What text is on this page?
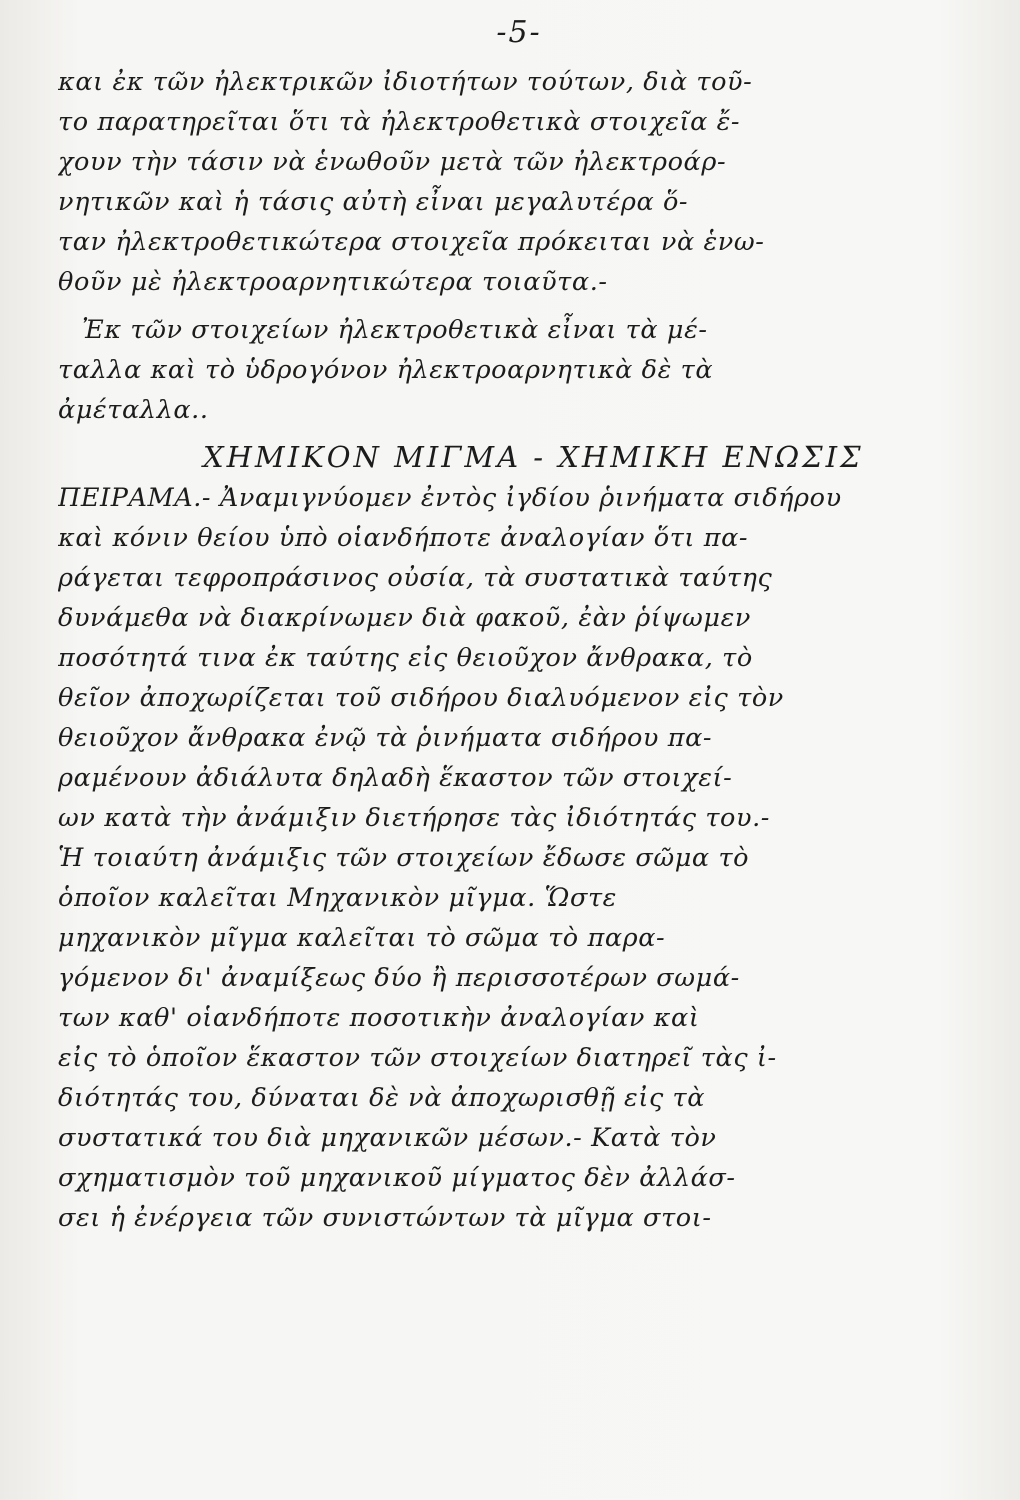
-5-
και ἐκ τῶν ἠλεκτρικῶν ἰδιοτήτων τούτων, διὰ τοῦ-
το παρατηρεῖται ὅτι τὰ ἠλεκτροθετικὰ στοιχεῖα ἔ-
χουν τὴν τάσιν νὰ ἑνωθοῦν μετὰ τῶν ἠλεκτροάρ-
νητικῶν καὶ ἡ τάσις αὐτὴ εἶναι μεγαλυτέρα ὅ-
ταν ἠλεκτροθετικώτερα στοιχεῖα πρόκειται νὰ ἑνω-
θοῦν μὲ ἠλεκτροαρνητικώτερα τοιαῦτα.-
Ἐκ τῶν στοιχείων ἠλεκτροθετικὰ εἶναι τὰ μέ-
ταλλα καὶ τὸ ὑδρογόνον ἠλεκτροαρνητικὰ δὲ τὰ
ἀμέταλλα..
ΧΗΜΙΚΟΝ ΜΙΓΜΑ - ΧΗΜΙΚΗ ΕΝΩΣΙΣ
ΠΕΙΡΑΜΑ.- Ἀναμιγνύομεν ἐντὸς ἰγδίου ῥινήματα σιδήρου
καὶ κόνιν θείου ὑπὸ οἱανδήποτε ἀναλογίαν ὅτι πα-
ράγεται τεφροπράσινος οὐσία, τὰ συστατικὰ ταύτης
δυνάμεθα νὰ διακρίνωμεν διὰ φακοῦ, ἐὰν ῥίψωμεν
ποσότητά τινα ἐκ ταύτης εἰς θειοῦχον ἄνθρακα, τὸ
θεῖον ἀποχωρίζεται τοῦ σιδήρου διαλυόμενον εἰς τὸν
θειοῦχον ἄνθρακα ἐνῷ τὰ ῥινήματα σιδήρου πα-
ραμένουν ἀδιάλυτα δηλαδὴ ἕκαστον τῶν στοιχεί-
ων κατὰ τὴν ἀνάμιξιν διετήρησε τὰς ἰδιότητάς του.-
Ἡ τοιαύτη ἀνάμιξις τῶν στοιχείων ἔδωσε σῶμα τὸ
ὁποῖον καλεῖται Μηχανικὸν μῖγμα. Ὥστε
μηχανικὸν μῖγμα καλεῖται τὸ σῶμα τὸ παρα-
γόμενον δι' ἀναμίξεως δύο ἢ περισσοτέρων σωμά-
των καθ' οἱανδήποτε ποσοτικὴν ἀναλογίαν καὶ
εἰς τὸ ὁποῖον ἕκαστον τῶν στοιχείων διατηρεῖ τὰς ἰ-
διότητάς του, δύναται δὲ νὰ ἀποχωρισθῇ εἰς τὰ
συστατικά του διὰ μηχανικῶν μέσων.- Κατὰ τὸν
σχηματισμὸν τοῦ μηχανικοῦ μίγματος δὲν ἀλλάσ-
σει ἡ ἐνέργεια τῶν συνιστώντων τὰ μῖγμα στοι-
